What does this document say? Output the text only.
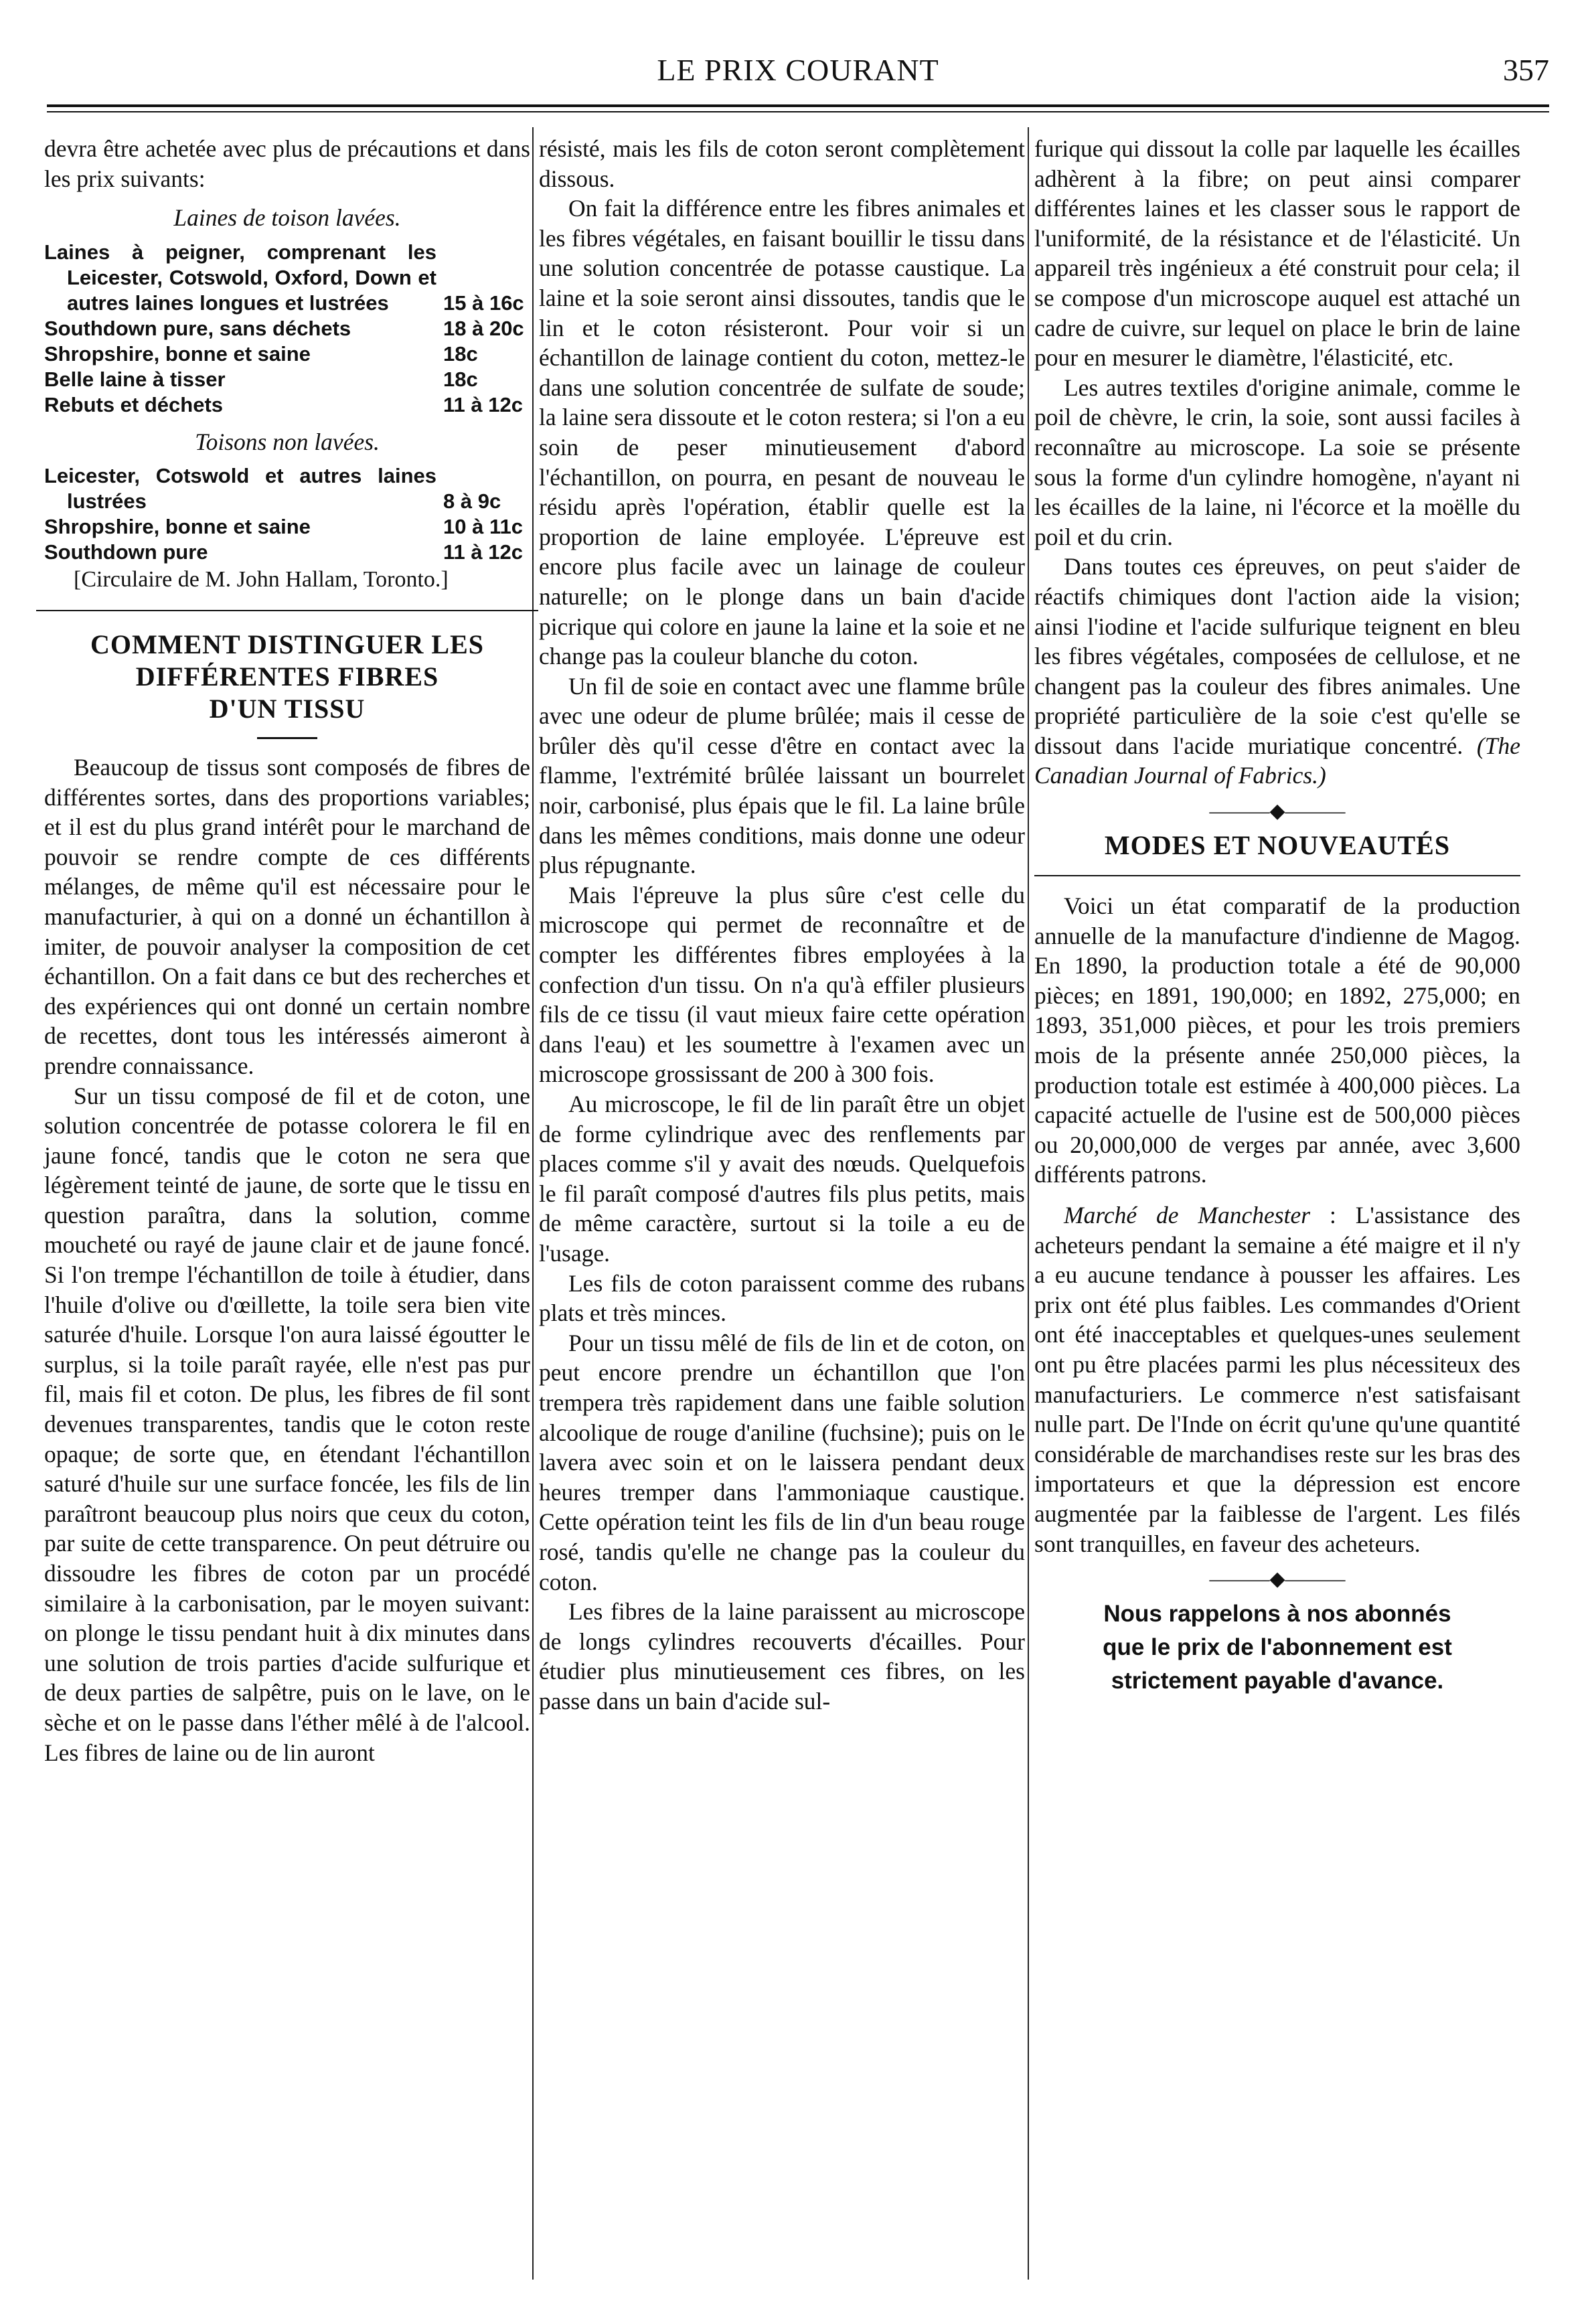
LE PRIX COURANT	357

devra être achetée avec plus de précautions et dans les prix suivants:

Laines de toison lavées.
Laines à peigner, comprenant les Leicester, Cotswold, Oxford, Down et autres laines longues et lustrées	15 à 16c
Southdown pure, sans déchets	18 à 20c
Shropshire, bonne et saine	18c
Belle laine à tisser	18c
Rebuts et déchets	11 à 12c
Toisons non lavées.
Leicester, Cotswold et autres laines lustrées	8 à 9c
Shropshire, bonne et saine	10 à 11c
Southdown pure	11 à 12c

[Circulaire de M. John Hallam, Toronto.]

COMMENT DISTINGUER LES
DIFFÉRENTES FIBRES
D'UN TISSU

Beaucoup de tissus sont composés de fibres de différentes sortes, dans des proportions variables; et il est du plus grand intérêt pour le marchand de pouvoir se rendre compte de ces différents mélanges, de même qu'il est nécessaire pour le manufacturier, à qui on a donné un échantillon à imiter, de pouvoir analyser la composition de cet échantillon. On a fait dans ce but des recherches et des expériences qui ont donné un certain nombre de recettes, dont tous les intéressés aimeront à prendre connaissance.

Sur un tissu composé de fil et de coton, une solution concentrée de potasse colorera le fil en jaune foncé, tandis que le coton ne sera que légèrement teinté de jaune, de sorte que le tissu en question paraîtra, dans la solution, comme moucheté ou rayé de jaune clair et de jaune foncé. Si l'on trempe l'échantillon de toile à étudier, dans l'huile d'olive ou d'œillette, la toile sera bien vite saturée d'huile. Lorsque l'on aura laissé égoutter le surplus, si la toile paraît rayée, elle n'est pas pur fil, mais fil et coton. De plus, les fibres de fil sont devenues transparentes, tandis que le coton reste opaque; de sorte que, en étendant l'échantillon saturé d'huile sur une surface foncée, les fils de lin paraîtront beaucoup plus noirs que ceux du coton, par suite de cette transparence. On peut détruire ou dissoudre les fibres de coton par un procédé similaire à la carbonisation, par le moyen suivant: on plonge le tissu pendant huit à dix minutes dans une solution de trois parties d'acide sulfurique et de deux parties de salpêtre, puis on le lave, on le sèche et on le passe dans l'éther mêlé à de l'alcool. Les fibres de laine ou de lin auront

résisté, mais les fils de coton seront complètement dissous.

On fait la différence entre les fibres animales et les fibres végétales, en faisant bouillir le tissu dans une solution concentrée de potasse caustique. La laine et la soie seront ainsi dissoutes, tandis que le lin et le coton résisteront. Pour voir si un échantillon de lainage contient du coton, mettez-le dans une solution concentrée de sulfate de soude; la laine sera dissoute et le coton restera; si l'on a eu soin de peser minutieusement d'abord l'échantillon, on pourra, en pesant de nouveau le résidu après l'opération, établir quelle est la proportion de laine employée. L'épreuve est encore plus facile avec un lainage de couleur naturelle; on le plonge dans un bain d'acide picrique qui colore en jaune la laine et la soie et ne change pas la couleur blanche du coton.

Un fil de soie en contact avec une flamme brûle avec une odeur de plume brûlée; mais il cesse de brûler dès qu'il cesse d'être en contact avec la flamme, l'extrémité brûlée laissant un bourrelet noir, carbonisé, plus épais que le fil. La laine brûle dans les mêmes conditions, mais donne une odeur plus répugnante.

Mais l'épreuve la plus sûre c'est celle du microscope qui permet de reconnaître et de compter les différentes fibres employées à la confection d'un tissu. On n'a qu'à effiler plusieurs fils de ce tissu (il vaut mieux faire cette opération dans l'eau) et les soumettre à l'examen avec un microscope grossissant de 200 à 300 fois.

Au microscope, le fil de lin paraît être un objet de forme cylindrique avec des renflements par places comme s'il y avait des nœuds. Quelquefois le fil paraît composé d'autres fils plus petits, mais de même caractère, surtout si la toile a eu de l'usage.

Les fils de coton paraissent comme des rubans plats et très minces.

Pour un tissu mêlé de fils de lin et de coton, on peut encore prendre un échantillon que l'on trempera très rapidement dans une faible solution alcoolique de rouge d'aniline (fuchsine); puis on le lavera avec soin et on le laissera pendant deux heures tremper dans l'ammoniaque caustique. Cette opération teint les fils de lin d'un beau rouge rosé, tandis qu'elle ne change pas la couleur du coton.

Les fibres de la laine paraissent au microscope de longs cylindres recouverts d'écailles. Pour étudier plus minutieusement ces fibres, on les passe dans un bain d'acide sul-

furique qui dissout la colle par laquelle les écailles adhèrent à la fibre; on peut ainsi comparer différentes laines et les classer sous le rapport de l'uniformité, de la résistance et de l'élasticité. Un appareil très ingénieux a été construit pour cela; il se compose d'un microscope auquel est attaché un cadre de cuivre, sur lequel on place le brin de laine pour en mesurer le diamètre, l'élasticité, etc.

Les autres textiles d'origine animale, comme le poil de chèvre, le crin, la soie, sont aussi faciles à reconnaître au microscope. La soie se présente sous la forme d'un cylindre homogène, n'ayant ni les écailles de la laine, ni l'écorce et la moëlle du poil et du crin.

Dans toutes ces épreuves, on peut s'aider de réactifs chimiques dont l'action aide la vision; ainsi l'iodine et l'acide sulfurique teignent en bleu les fibres végétales, composées de cellulose, et ne changent pas la couleur des fibres animales. Une propriété particulière de la soie c'est qu'elle se dissout dans l'acide muriatique concentré. (The Canadian Journal of Fabrics.)

———◆———
MODES ET NOUVEAUTÉS

Voici un état comparatif de la production annuelle de la manufacture d'indienne de Magog. En 1890, la production totale a été de 90,000 pièces; en 1891, 190,000; en 1892, 275,000; en 1893, 351,000 pièces, et pour les trois premiers mois de la présente année 250,000 pièces, la production totale est estimée à 400,000 pièces. La capacité actuelle de l'usine est de 500,000 pièces ou 20,000,000 de verges par année, avec 3,600 différents patrons.

Marché de Manchester : L'assistance des acheteurs pendant la semaine a été maigre et il n'y a eu aucune tendance à pousser les affaires. Les prix ont été plus faibles. Les commandes d'Orient ont été inacceptables et quelques-unes seulement ont pu être placées parmi les plus nécessiteux des manufacturiers. Le commerce n'est satisfaisant nulle part. De l'Inde on écrit qu'une qu'une quantité considérable de marchandises reste sur les bras des importateurs et que la dépression est encore augmentée par la faiblesse de l'argent. Les filés sont tranquilles, en faveur des acheteurs.

———◆———
Nous rappelons à nos abonnés
que le prix de l'abonnement est
strictement payable d'avance.
